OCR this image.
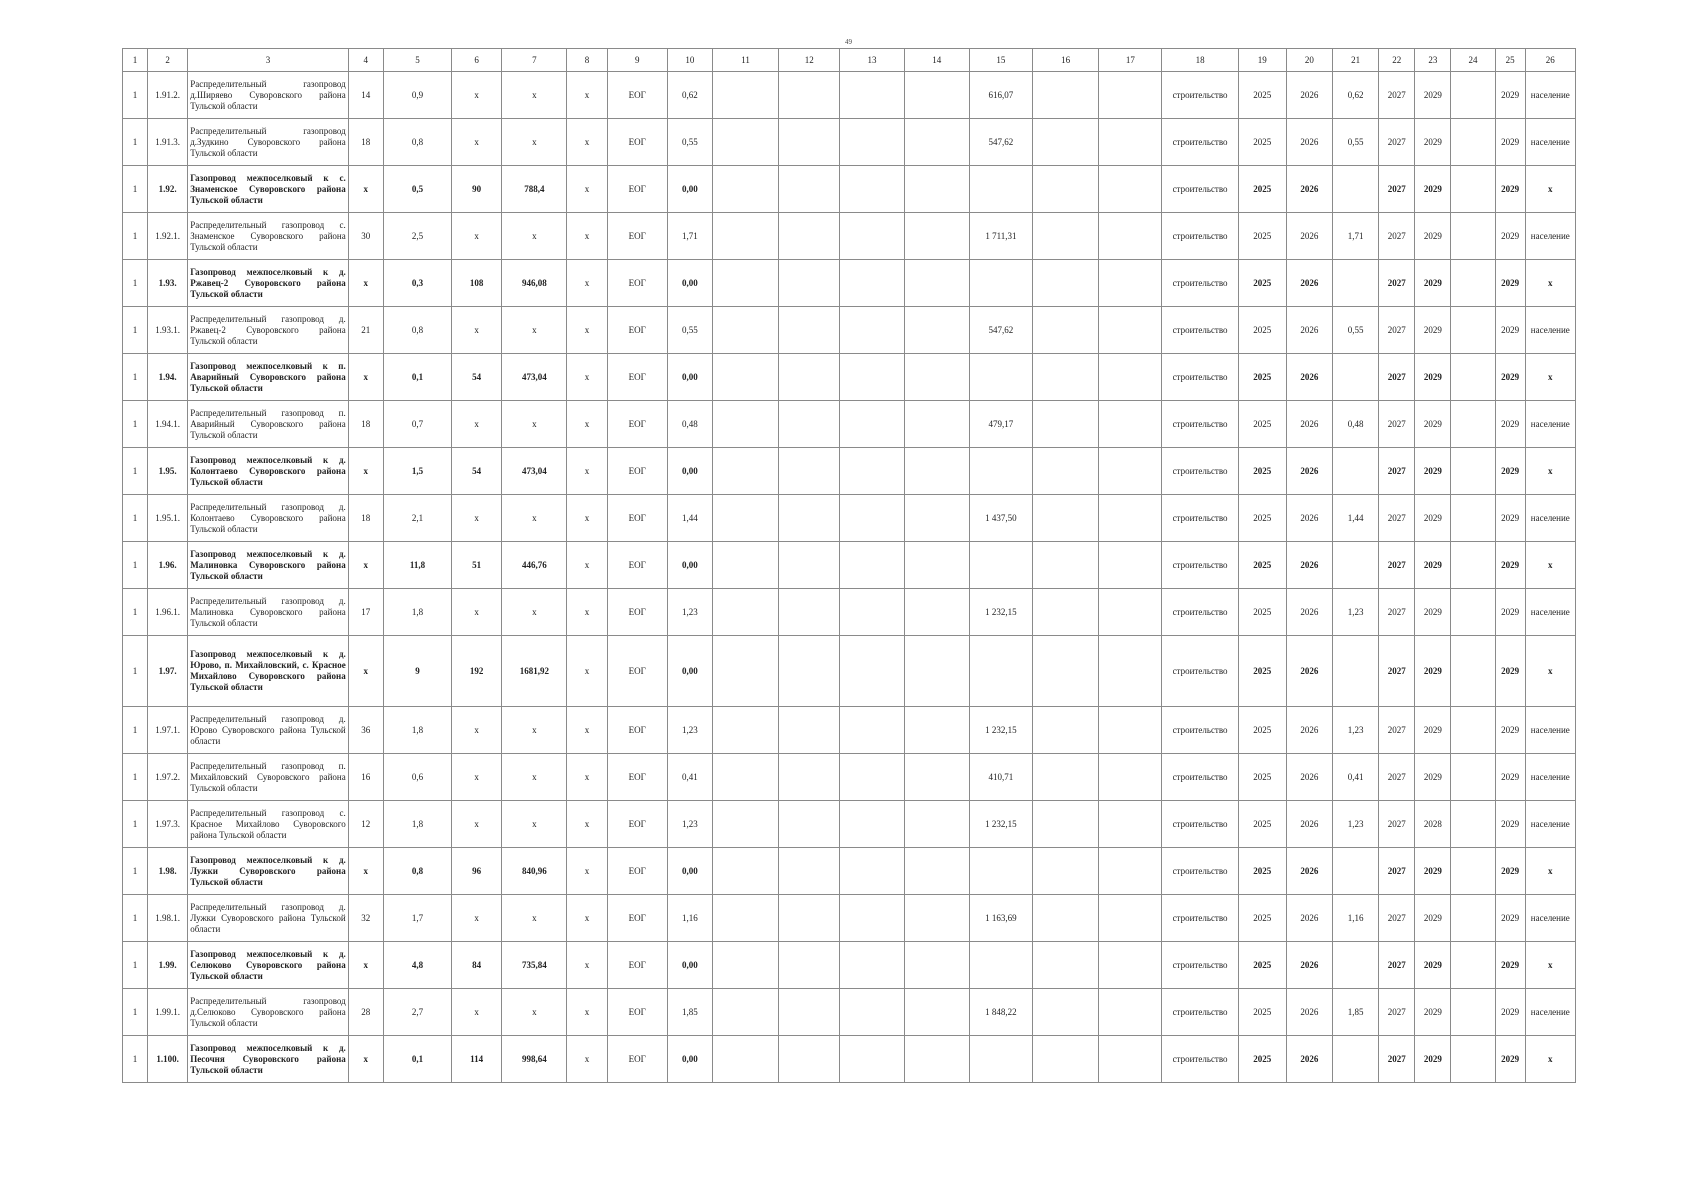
49
1	2	3	4	5	6	7	8	9	10	11	12	13	14	15	16	17	18	19	20	21	22	23	24	25	26
1	1.91.2.	Распределительный газопровод д.Ширяево Суворовского района Тульской области	14	0,9	x	x	x	ЕОГ	0,62					616,07			строительство	2025	2026	0,62	2027	2029		2029	население
1	1.91.3.	Распределительный газопровод д.Зудкино Суворовского района Тульской области	18	0,8	x	x	x	ЕОГ	0,55					547,62			строительство	2025	2026	0,55	2027	2029		2029	население
1	1.92.	Газопровод межпоселковый к с. Знаменское Суворовского района Тульской области	x	0,5	90	788,4	x	ЕОГ	0,00								строительство	2025	2026		2027	2029		2029	x
1	1.92.1.	Распределительный газопровод с. Знаменское Суворовского района Тульской области	30	2,5	x	x	x	ЕОГ	1,71					1 711,31			строительство	2025	2026	1,71	2027	2029		2029	население
1	1.93.	Газопровод межпоселковый к д. Ржавец-2 Суворовского района Тульской области	x	0,3	108	946,08	x	ЕОГ	0,00								строительство	2025	2026		2027	2029		2029	x
1	1.93.1.	Распределительный газопровод д. Ржавец-2 Суворовского района Тульской области	21	0,8	x	x	x	ЕОГ	0,55					547,62			строительство	2025	2026	0,55	2027	2029		2029	население
1	1.94.	Газопровод межпоселковый к п. Аварийный Суворовского района Тульской области	x	0,1	54	473,04	x	ЕОГ	0,00								строительство	2025	2026		2027	2029		2029	x
1	1.94.1.	Распределительный газопровод п. Аварийный Суворовского района Тульской области	18	0,7	x	x	x	ЕОГ	0,48					479,17			строительство	2025	2026	0,48	2027	2029		2029	население
1	1.95.	Газопровод межпоселковый к д. Колонтаево Суворовского района Тульской области	x	1,5	54	473,04	x	ЕОГ	0,00								строительство	2025	2026		2027	2029		2029	x
1	1.95.1.	Распределительный газопровод д. Колонтаево Суворовского района Тульской области	18	2,1	x	x	x	ЕОГ	1,44					1 437,50			строительство	2025	2026	1,44	2027	2029		2029	население
1	1.96.	Газопровод межпоселковый к д. Малиновка Суворовского района Тульской области	x	11,8	51	446,76	x	ЕОГ	0,00								строительство	2025	2026		2027	2029		2029	x
1	1.96.1.	Распределительный газопровод д. Малиновка Суворовского района Тульской области	17	1,8	x	x	x	ЕОГ	1,23					1 232,15			строительство	2025	2026	1,23	2027	2029		2029	население
1	1.97.	Газопровод межпоселковый к д. Юрово, п. Михайловский, с. Красное Михайлово Суворовского района Тульской области	x	9	192	1681,92	x	ЕОГ	0,00								строительство	2025	2026		2027	2029		2029	x
1	1.97.1.	Распределительный газопровод д. Юрово Суворовского района Тульской области	36	1,8	x	x	x	ЕОГ	1,23					1 232,15			строительство	2025	2026	1,23	2027	2029		2029	население
1	1.97.2.	Распределительный газопровод п. Михайловский Суворовского района Тульской области	16	0,6	x	x	x	ЕОГ	0,41					410,71			строительство	2025	2026	0,41	2027	2029		2029	население
1	1.97.3.	Распределительный газопровод с. Красное Михайлово Суворовского района Тульской области	12	1,8	x	x	x	ЕОГ	1,23					1 232,15			строительство	2025	2026	1,23	2027	2028		2029	население
1	1.98.	Газопровод межпоселковый к д. Лужки Суворовского района Тульской области	x	0,8	96	840,96	x	ЕОГ	0,00								строительство	2025	2026		2027	2029		2029	x
1	1.98.1.	Распределительный газопровод д. Лужки Суворовского района Тульской области	32	1,7	x	x	x	ЕОГ	1,16					1 163,69			строительство	2025	2026	1,16	2027	2029		2029	население
1	1.99.	Газопровод межпоселковый к д. Селюково Суворовского района Тульской области	x	4,8	84	735,84	x	ЕОГ	0,00								строительство	2025	2026		2027	2029		2029	x
1	1.99.1.	Распределительный газопровод д.Селюково Суворовского района Тульской области	28	2,7	x	x	x	ЕОГ	1,85					1 848,22			строительство	2025	2026	1,85	2027	2029		2029	население
1	1.100.	Газопровод межпоселковый к д. Песочня Суворовского района Тульской области	x	0,1	114	998,64	x	ЕОГ	0,00								строительство	2025	2026		2027	2029		2029	x
